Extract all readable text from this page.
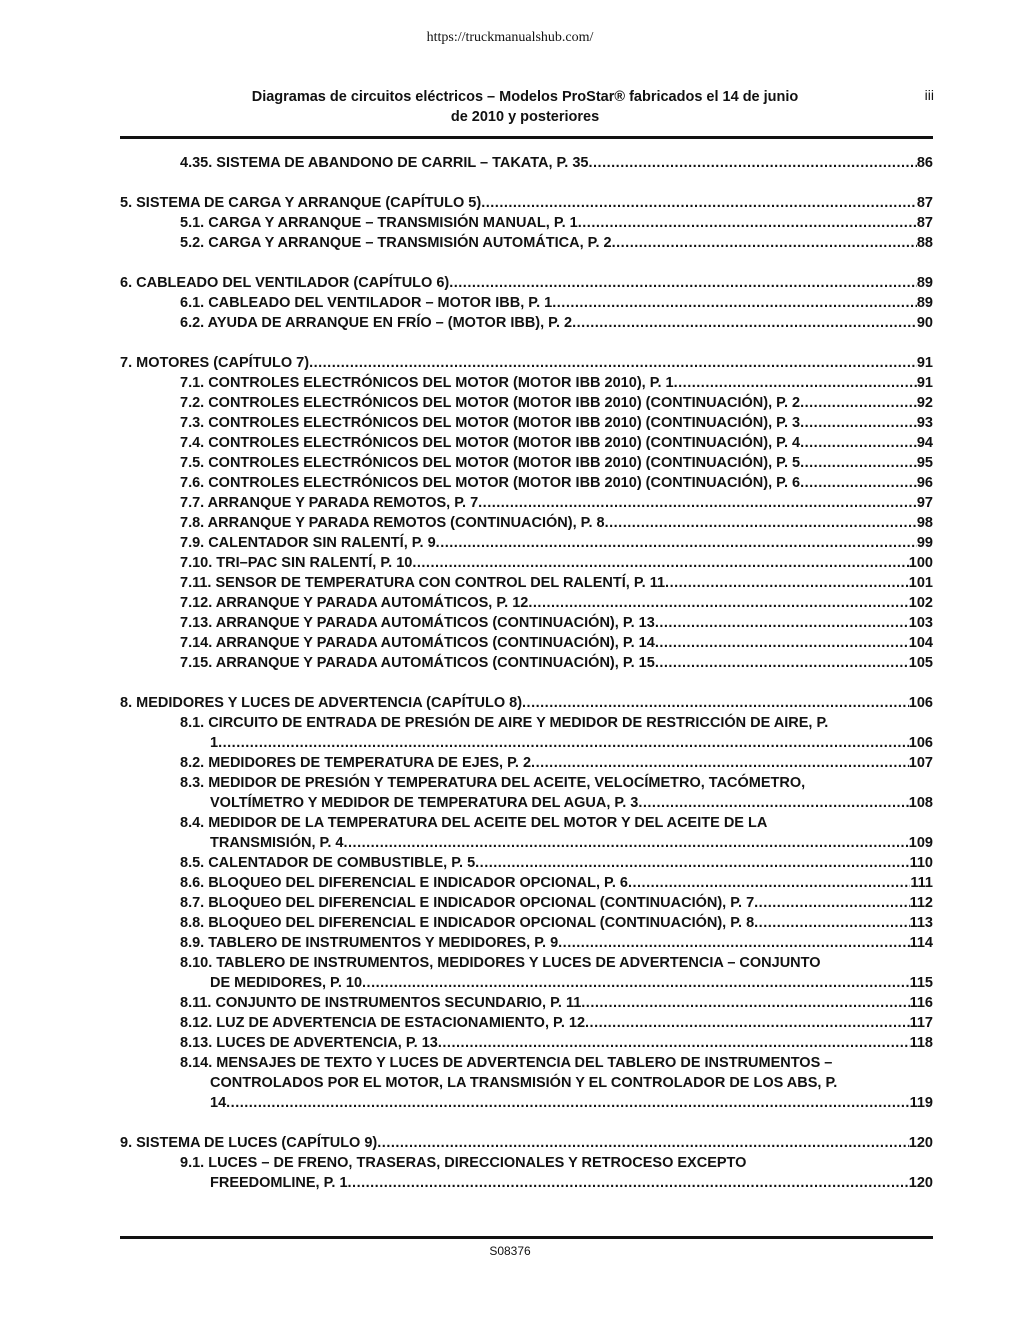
https://truckmanualshub.com/
Diagramas de circuitos eléctricos – Modelos ProStar® fabricados el 14 de junio
de 2010 y posteriores
iii
4.35. SISTEMA DE ABANDONO DE CARRIL – TAKATA, P. 35 .....	86
5. SISTEMA DE CARGA Y ARRANQUE (CAPÍTULO 5) .....	87
5.1. CARGA Y ARRANQUE – TRANSMISIÓN MANUAL, P. 1 .....	87
5.2. CARGA Y ARRANQUE – TRANSMISIÓN AUTOMÁTICA, P. 2 .....	88
6. CABLEADO DEL VENTILADOR (CAPÍTULO 6) .....	89
6.1. CABLEADO DEL VENTILADOR – MOTOR IBB, P. 1 .....	89
6.2. AYUDA DE ARRANQUE EN FRÍO – (MOTOR IBB), P. 2 .....	90
7. MOTORES (CAPÍTULO 7) .....	91
7.1. CONTROLES ELECTRÓNICOS DEL MOTOR (MOTOR IBB 2010), P. 1 .....	91
7.2. CONTROLES ELECTRÓNICOS DEL MOTOR (MOTOR IBB 2010) (CONTINUACIÓN), P. 2 .....	92
7.3. CONTROLES ELECTRÓNICOS DEL MOTOR (MOTOR IBB 2010) (CONTINUACIÓN), P. 3 .....	93
7.4. CONTROLES ELECTRÓNICOS DEL MOTOR (MOTOR IBB 2010) (CONTINUACIÓN), P. 4 .....	94
7.5. CONTROLES ELECTRÓNICOS DEL MOTOR (MOTOR IBB 2010) (CONTINUACIÓN), P. 5 .....	95
7.6. CONTROLES ELECTRÓNICOS DEL MOTOR (MOTOR IBB 2010) (CONTINUACIÓN), P. 6 .....	96
7.7. ARRANQUE Y PARADA REMOTOS, P. 7 .....	97
7.8. ARRANQUE Y PARADA REMOTOS (CONTINUACIÓN), P. 8 .....	98
7.9. CALENTADOR SIN RALENTÍ, P. 9 .....	99
7.10. TRI–PAC SIN RALENTÍ, P. 10 .....	100
7.11. SENSOR DE TEMPERATURA CON CONTROL DEL RALENTÍ, P. 11 .....	101
7.12. ARRANQUE Y PARADA AUTOMÁTICOS, P. 12 .....	102
7.13. ARRANQUE Y PARADA AUTOMÁTICOS (CONTINUACIÓN), P. 13 .....	103
7.14. ARRANQUE Y PARADA AUTOMÁTICOS (CONTINUACIÓN), P. 14 .....	104
7.15. ARRANQUE Y PARADA AUTOMÁTICOS (CONTINUACIÓN), P. 15 .....	105
8. MEDIDORES Y LUCES DE ADVERTENCIA (CAPÍTULO 8) .....	106
8.1. CIRCUITO DE ENTRADA DE PRESIÓN DE AIRE Y MEDIDOR DE RESTRICCIÓN DE AIRE, P.
1 .....	106
8.2. MEDIDORES DE TEMPERATURA DE EJES, P. 2 .....	107
8.3. MEDIDOR DE PRESIÓN Y TEMPERATURA DEL ACEITE, VELOCÍMETRO, TACÓMETRO,
VOLTÍMETRO Y MEDIDOR DE TEMPERATURA DEL AGUA, P. 3 .....	108
8.4. MEDIDOR DE LA TEMPERATURA DEL ACEITE DEL MOTOR Y DEL ACEITE DE LA
TRANSMISIÓN, P. 4 .....	109
8.5. CALENTADOR DE COMBUSTIBLE, P. 5 .....	110
8.6. BLOQUEO DEL DIFERENCIAL E INDICADOR OPCIONAL, P. 6 .....	111
8.7. BLOQUEO DEL DIFERENCIAL E INDICADOR OPCIONAL (CONTINUACIÓN), P. 7 .....	112
8.8. BLOQUEO DEL DIFERENCIAL E INDICADOR OPCIONAL (CONTINUACIÓN), P. 8 .....	113
8.9. TABLERO DE INSTRUMENTOS Y MEDIDORES, P. 9 .....	114
8.10. TABLERO DE INSTRUMENTOS, MEDIDORES Y LUCES DE ADVERTENCIA – CONJUNTO
DE MEDIDORES, P. 10 .....	115
8.11. CONJUNTO DE INSTRUMENTOS SECUNDARIO, P. 11 .....	116
8.12. LUZ DE ADVERTENCIA DE ESTACIONAMIENTO, P. 12 .....	117
8.13. LUCES DE ADVERTENCIA, P. 13 .....	118
8.14. MENSAJES DE TEXTO Y LUCES DE ADVERTENCIA DEL TABLERO DE INSTRUMENTOS –
CONTROLADOS POR EL MOTOR, LA TRANSMISIÓN Y EL CONTROLADOR DE LOS ABS, P.
14 .....	119
9. SISTEMA DE LUCES (CAPÍTULO 9) .....	120
9.1. LUCES – DE FRENO, TRASERAS, DIRECCIONALES Y RETROCESO EXCEPTO
FREEDOMLINE, P. 1 .....	120
S08376
